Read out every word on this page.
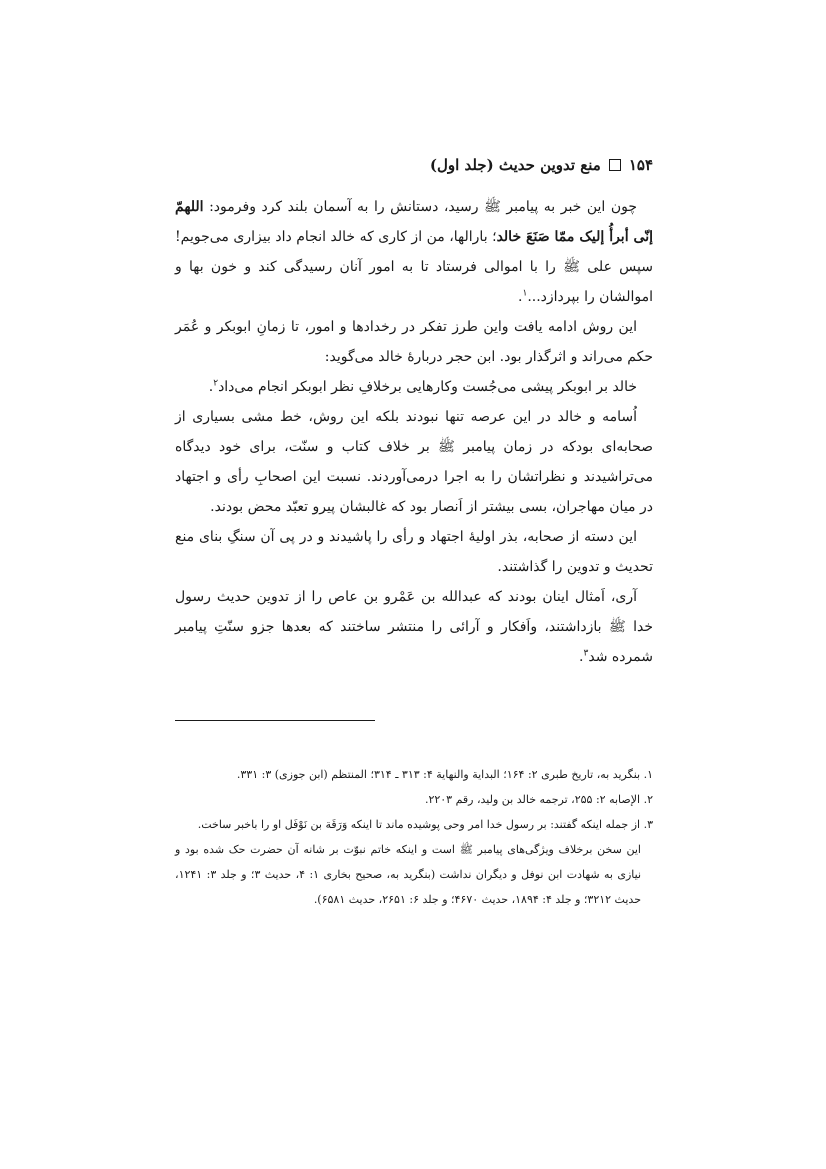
۱۵۴
منع تدوین حدیث (جلد اول)

چون این خبر به پیامبر ﷺ رسید، دستانش را به آسمان بلند کرد وفرمود: اللهمّ إنّی أبرأُ إلیک ممّا صَنَعَ خالد؛ بارالها، من از کاری که خالد انجام داد بیزاری می‌جویم! سپس علی ﷺ را با اموالی فرستاد تا به امور آنان رسیدگی کند و خون بها و اموالشان را بپردازد...$^۱$.

این روش ادامه یافت واین طرز تفکر در رخدادها و امور، تا زمانِ ابوبکر و عُمَر حکم می‌راند و اثرگذار بود. ابن حجر دربارهٔ خالد می‌گوید:

خالد بر ابوبکر پیشی می‌جُست وکارهایی برخلافِ نظر ابوبکر انجام می‌داد$^۲$.

اُسامه و خالد در این عرصه تنها نبودند بلکه این روش، خط مشی بسیاری از صحابه‌ای بودکه در زمان پیامبر ﷺ بر خلاف کتاب و سنّت، برای خود دیدگاه می‌تراشیدند و نظراتشان را به اجرا درمی‌آوردند. نسبت این اصحابِ رأی و اجتهاد در میان مهاجران، بسی بیشتر از اَنصار بود که غالبشان پیرو تعبّد محض بودند.

این دسته از صحابه، بذر اولیهٔ اجتهاد و رأی را پاشیدند و در پی آن سنگِ بنای منع تحدیث و تدوین را گذاشتند.

آری، اَمثال اینان بودند که عبدالله بن عَمْرو بن عاص را از تدوین حدیث رسول خدا ﷺ بازداشتند، واَفکار و آرائی را منتشر ساختند که بعدها جزو سنّتِ پیامبر شمرده شد$^۳$.

۱. بنگرید به، تاریخ طبری ۲: ۱۶۴؛ البدایة والنهایة ۴: ۳۱۳ ـ ۳۱۴؛ المنتظم (ابن جوزی) ۳: ۳۳۱.

۲. الإصابه ۲: ۲۵۵، ترجمه خالد بن ولید، رقم ۲۲۰۳.

۳. از جمله اینکه گفتند: بر رسول خدا امر وحی پوشیده ماند تا اینکه وَرَقَة بن نَوْفَل او را باخبر ساخت.

این سخن برخلاف ویژگی‌های پیامبر ﷺ است و اینکه خاتم نبوّت بر شانه آن حضرت حک شده بود و نیازی به شهادت ابن نوفل و دیگران نداشت (بنگرید به، صحیح بخاری ۱: ۴، حدیث ۳؛ و جلد ۳: ۱۲۴۱، حدیث ۳۲۱۲؛ و جلد ۴: ۱۸۹۴، حدیث ۴۶۷۰؛ و جلد ۶: ۲۶۵۱، حدیث ۶۵۸۱).
